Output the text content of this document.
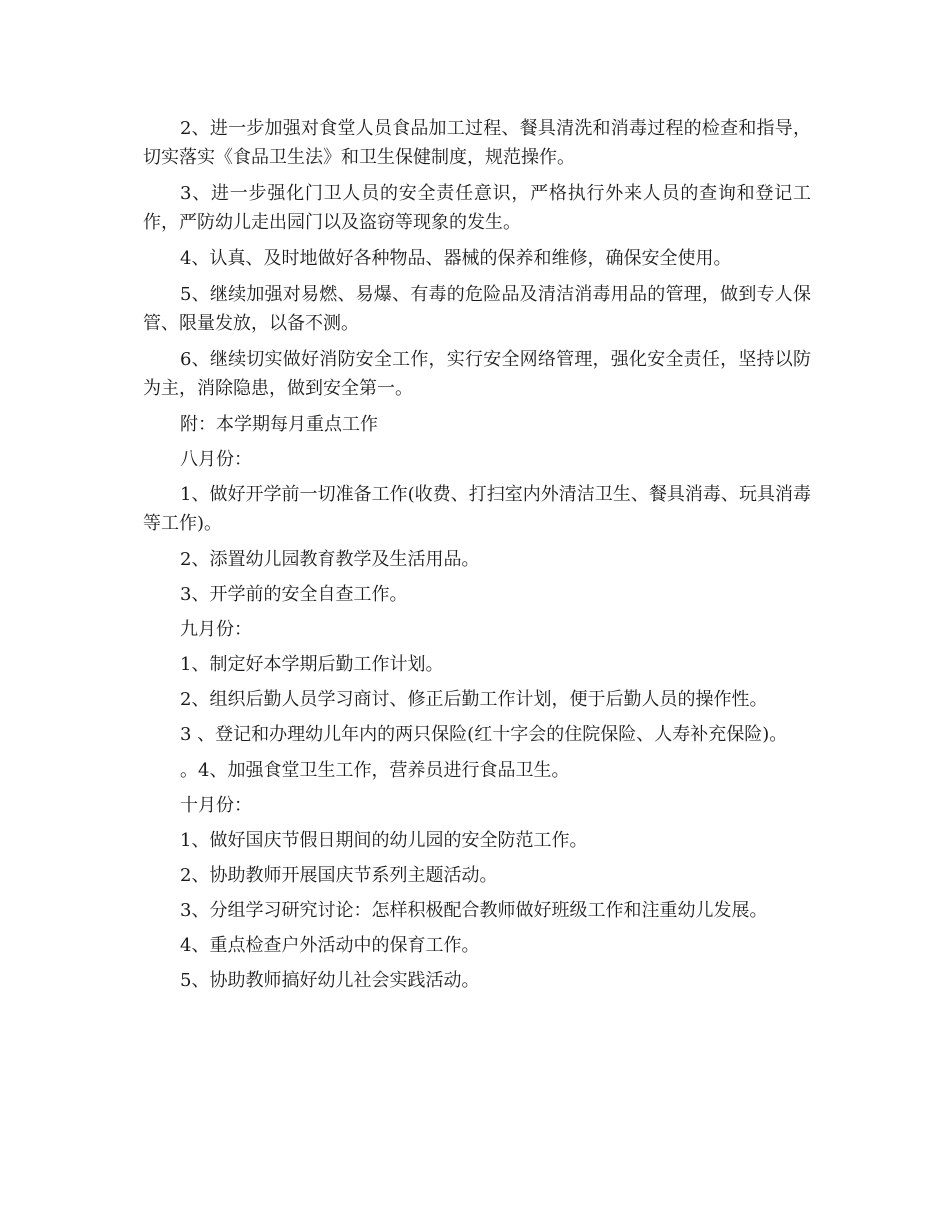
2、进一步加强对食堂人员食品加工过程、餐具清洗和消毒过程的检查和指导，切实落实《食品卫生法》和卫生保健制度，规范操作。

3、进一步强化门卫人员的安全责任意识，严格执行外来人员的查询和登记工作，严防幼儿走出园门以及盗窃等现象的发生。

4、认真、及时地做好各种物品、器械的保养和维修，确保安全使用。

5、继续加强对易燃、易爆、有毒的危险品及清洁消毒用品的管理，做到专人保管、限量发放，以备不测。

6、继续切实做好消防安全工作，实行安全网络管理，强化安全责任，坚持以防为主，消除隐患，做到安全第一。

附：本学期每月重点工作

八月份：

1、做好开学前一切准备工作(收费、打扫室内外清洁卫生、餐具消毒、玩具消毒等工作)。

2、添置幼儿园教育教学及生活用品。

3、开学前的安全自查工作。

九月份：

1、制定好本学期后勤工作计划。

2、组织后勤人员学习商讨、修正后勤工作计划，便于后勤人员的操作性。

3 、登记和办理幼儿年内的两只保险(红十字会的住院保险、人寿补充保险)。

。4、加强食堂卫生工作，营养员进行食品卫生。

十月份：

1、做好国庆节假日期间的幼儿园的安全防范工作。

2、协助教师开展国庆节系列主题活动。

3、分组学习研究讨论：怎样积极配合教师做好班级工作和注重幼儿发展。

4、重点检查户外活动中的保育工作。

5、协助教师搞好幼儿社会实践活动。
